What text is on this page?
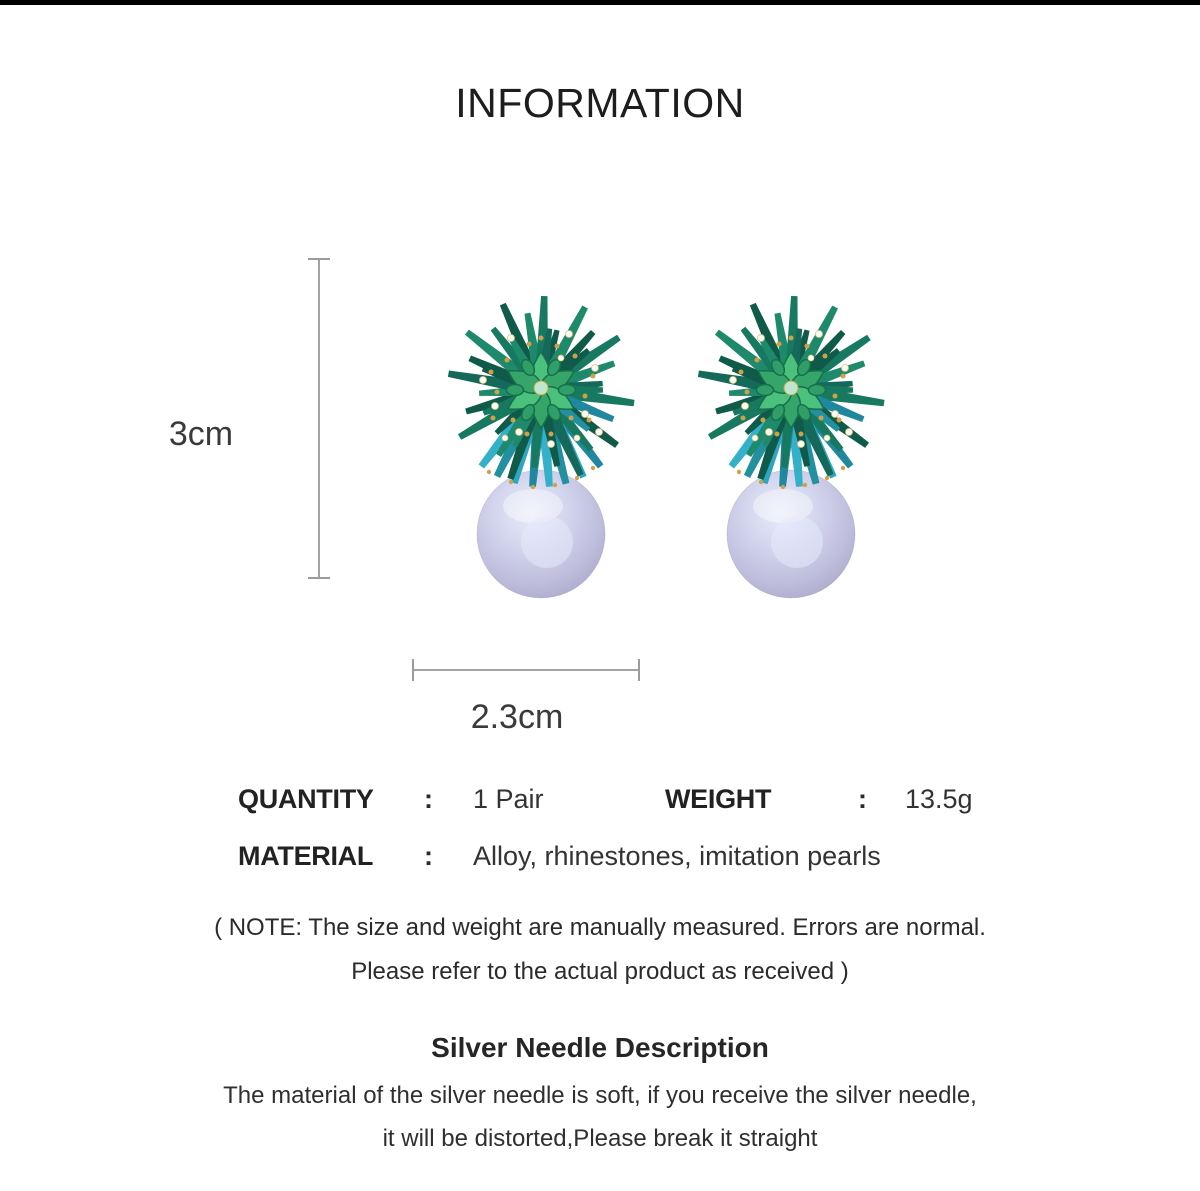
INFORMATION
3cm
2.3cm
QUANTITY : 1 Pair	WEIGHT	: 13.5g
MATERIAL : Alloy, rhinestones, imitation pearls
( NOTE: The size and weight are manually measured. Errors are normal.
Please refer to the actual product as received )
Silver Needle Description
The material of the silver needle is soft, if you receive the silver needle,
it will be distorted,Please break it straight
